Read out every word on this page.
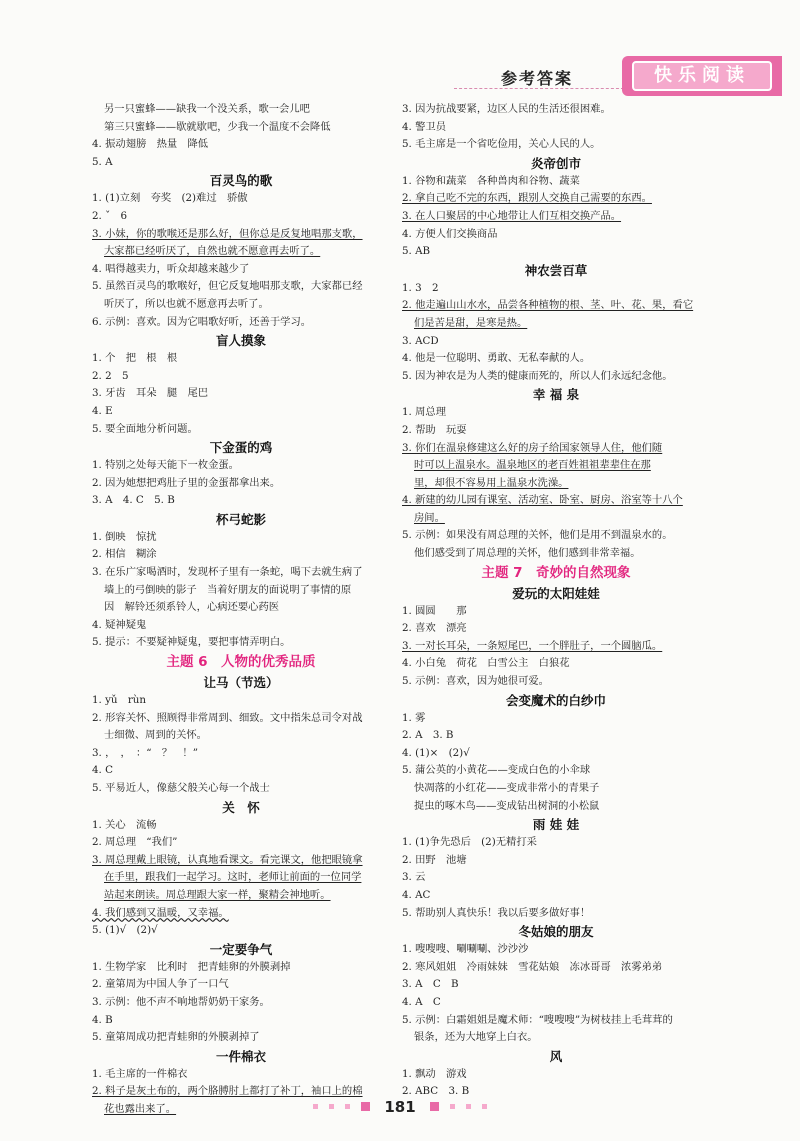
参考答案	快乐阅读
另一只蜜蜂——缺我一个没关系，歌一会儿吧
第三只蜜蜂——歇就歇吧，少我一个温度不会降低
4. 振动翅膀　热量　降低
5. A
百灵鸟的歌
1. (1)立刻　夸奖　(2)难过　骄傲
2. ˇ　6
3. 小妹，你的歌喉还是那么好，但你总是反复地唱那支歌，
大家都已经听厌了，自然也就不愿意再去听了。
4. 唱得越卖力，听众却越来越少了
5. 虽然百灵鸟的歌喉好，但它反复地唱那支歌，大家都已经
听厌了，所以也就不愿意再去听了。
6. 示例：喜欢。因为它唱歌好听，还善于学习。
盲人摸象
1. 个　把　根　根
2. 2　5
3. 牙齿　耳朵　腿　尾巴
4. E
5. 要全面地分析问题。
下金蛋的鸡
1. 特别之处每天能下一枚金蛋。
2. 因为她想把鸡肚子里的金蛋都拿出来。
3. A　4. C　5. B
杯弓蛇影
1. 倒映　惊扰
2. 相信　糊涂
3. 在乐广家喝酒时，发现杯子里有一条蛇，喝下去就生病了
墙上的弓倒映的影子　当着好朋友的面说明了事情的原
因　解铃还须系铃人，心病还要心药医
4. 疑神疑鬼
5. 提示：不要疑神疑鬼，要把事情弄明白。
主题 6　人物的优秀品质
让马（节选）
1. yǔ　rùn
2. 形容关怀、照顾得非常周到、细致。文中指朱总司令对战
士细微、周到的关怀。
3. ，　，　：“　？　！”
4. C
5. 平易近人，像慈父般关心每一个战士
关　怀
1. 关心　流畅
2. 周总理　“我们”
3. 周总理戴上眼镜，认真地看课文。看完课文，他把眼镜拿
在手里，跟我们一起学习。这时，老师让前面的一位同学
站起来朗读。周总理跟大家一样，聚精会神地听。
4. 我们感到又温暖，又幸福。
5. (1)√　(2)√
一定要争气
1. 生物学家　比利时　把青蛙卵的外膜剥掉
2. 童第周为中国人争了一口气
3. 示例：他不声不响地帮奶奶干家务。
4. B
5. 童第周成功把青蛙卵的外膜剥掉了
一件棉衣
1. 毛主席的一件棉衣
2. 料子是灰土布的，两个胳膊肘上都打了补丁，袖口上的棉
花也露出来了。
3. 因为抗战要紧，边区人民的生活还很困难。
4. 警卫员
5. 毛主席是一个省吃俭用，关心人民的人。
炎帝创市
1. 谷物和蔬菜　各种兽肉和谷物、蔬菜
2. 拿自己吃不完的东西，跟别人交换自己需要的东西。
3. 在人口聚居的中心地带让人们互相交换产品。
4. 方便人们交换商品
5. AB
神农尝百草
1. 3　2
2. 他走遍山山水水，品尝各种植物的根、茎、叶、花、果，看它
们是苦是甜，是寒是热。
3. ACD
4. 他是一位聪明、勇敢、无私奉献的人。
5. 因为神农是为人类的健康而死的，所以人们永远纪念他。
幸 福 泉
1. 周总理
2. 帮助　玩耍
3. 你们在温泉修建这么好的房子给国家领导人住，他们随
时可以上温泉水。温泉地区的老百姓祖祖辈辈住在那
里，却很不容易用上温泉水洗澡。
4. 新建的幼儿园有课室、活动室、卧室、厨房、浴室等十八个
房间。
5. 示例：如果没有周总理的关怀，他们是用不到温泉水的。
他们感受到了周总理的关怀，他们感到非常幸福。
主题 7　奇妙的自然现象
爱玩的太阳娃娃
1. 圆圆　　那
2. 喜欢　漂亮
3. 一对长耳朵，一条短尾巴，一个胖肚子，一个圆脑瓜。
4. 小白兔　荷花　白雪公主　白狼花
5. 示例：喜欢，因为她很可爱。
会变魔术的白纱巾
1. 雾
2. A　3. B
4. (1)×　(2)√
5. 蒲公英的小黄花——变成白色的小伞球
快凋落的小红花——变成非常小的青果子
捉虫的啄木鸟——变成钻出树洞的小松鼠
雨 娃 娃
1. (1)争先恐后　(2)无精打采
2. 田野　池塘
3. 云
4. AC
5. 帮助别人真快乐！我以后要多做好事！
冬姑娘的朋友
1. 嗖嗖嗖、唰唰唰、沙沙沙
2. 寒风姐姐　冷雨妹妹　雪花姑娘　冻冰哥哥　浓雾弟弟
3. A　C　B
4. A　C
5. 示例：白霜姐姐是魔术师：“嗖嗖嗖”为树枝挂上毛茸茸的
银条，还为大地穿上白衣。
风
1. 飘动　游戏
2. ABC　3. B
181
